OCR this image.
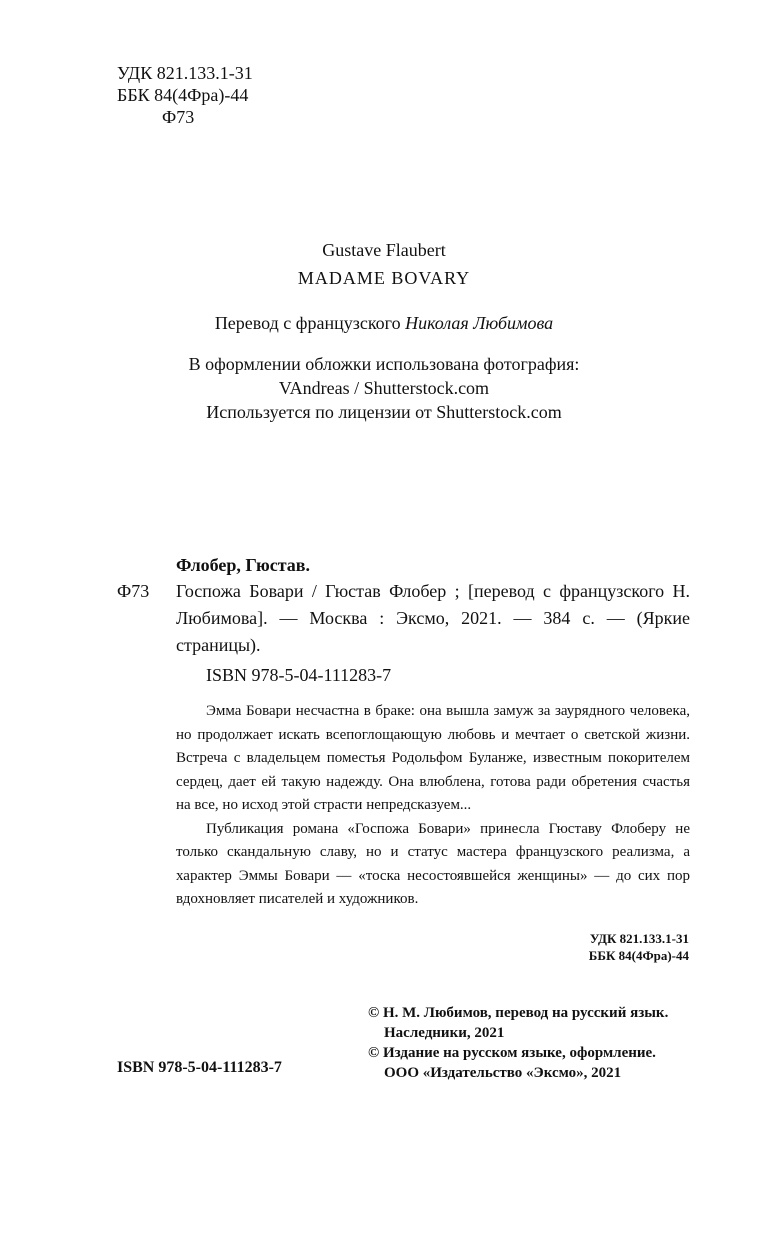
УДК 821.133.1-31
ББК 84(4Фра)-44
Ф73
Gustave Flaubert
MADAME BOVARY
Перевод с французского Николая Любимова
В оформлении обложки использована фотография:
VAndreas / Shutterstock.com
Используется по лицензии от Shutterstock.com
Флобер, Гюстав.
Ф73 Госпожа Бовари / Гюстав Флобер ; [перевод с французского Н. Любимова]. — Москва : Эксмо, 2021. — 384 с. — (Яркие страницы).
ISBN 978-5-04-111283-7

Эмма Бовари несчастна в браке: она вышла замуж за заурядного человека, но продолжает искать всепоглощающую любовь и мечтает о светской жизни. Встреча с владельцем поместья Родольфом Буланже, известным покорителем сердец, дает ей такую надежду. Она влюблена, готова ради обретения счастья на все, но исход этой страсти непредсказуем...

Публикация романа «Госпожа Бовари» принесла Гюставу Флоберу не только скандальную славу, но и статус мастера французского реализма, а характер Эммы Бовари — «тоска несостоявшейся женщины» — до сих пор вдохновляет писателей и художников.

УДК 821.133.1-31
ББК 84(4Фра)-44
© Н. М. Любимов, перевод на русский язык.
Наследники, 2021
© Издание на русском языке, оформление.
ООО «Издательство «Эксмо», 2021
ISBN 978-5-04-111283-7
